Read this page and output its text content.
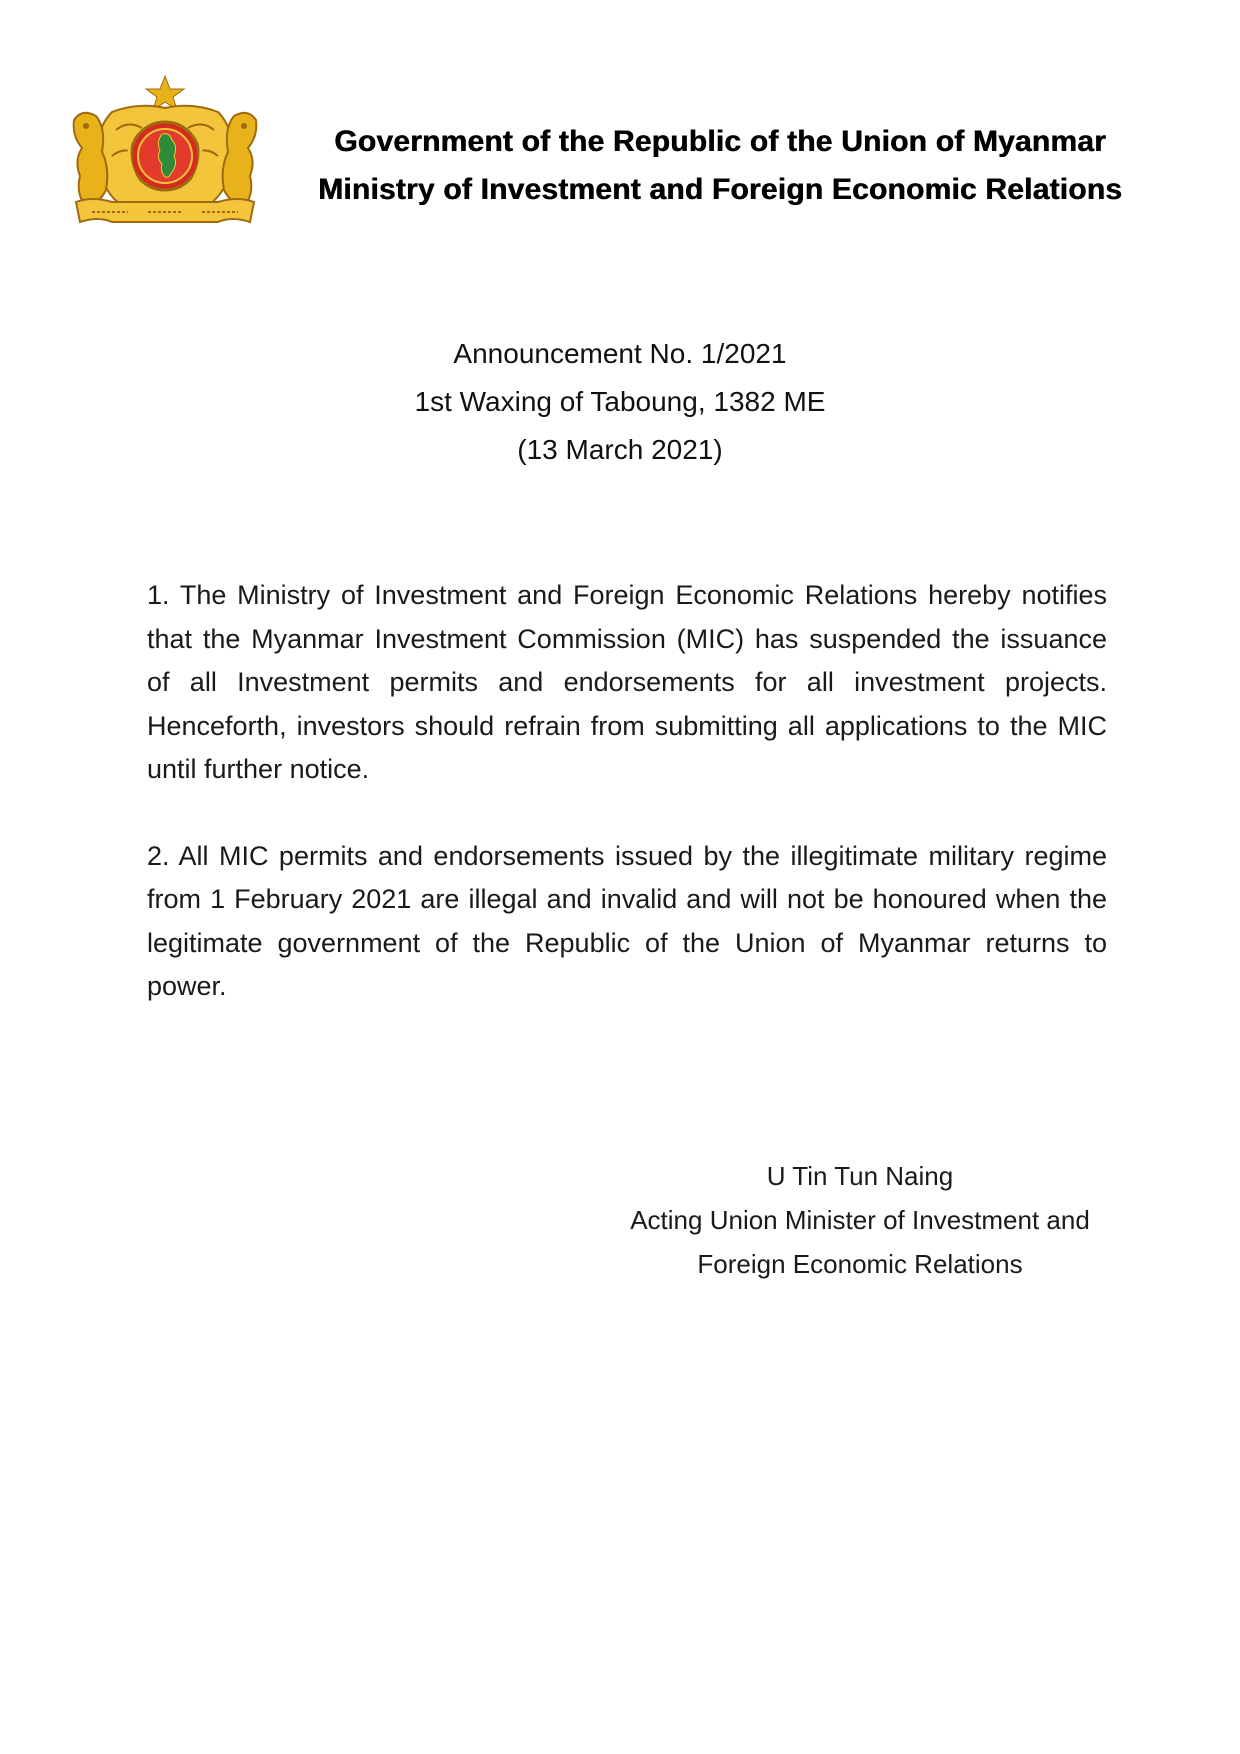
Government of the Republic of the Union of Myanmar
Ministry of Investment and Foreign Economic Relations
Announcement No. 1/2021
1st Waxing of Taboung, 1382 ME
(13 March 2021)

1. The Ministry of Investment and Foreign Economic Relations hereby notifies that the Myanmar Investment Commission (MIC) has suspended the issuance of all Investment permits and endorsements for all investment projects. Henceforth, investors should refrain from submitting all applications to the MIC until further notice.

2. All MIC permits and endorsements issued by the illegitimate military regime from 1 February 2021 are illegal and invalid and will not be honoured when the legitimate government of the Republic of the Union of Myanmar returns to power.

U Tin Tun Naing
Acting Union Minister of Investment and
Foreign Economic Relations
